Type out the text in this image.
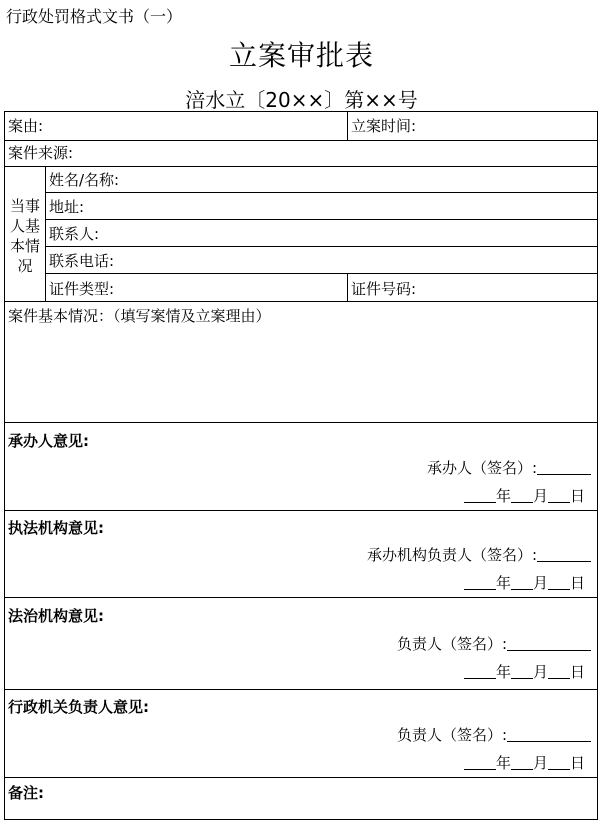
行政处罚格式文书（一）
立案审批表
涪水立〔20××〕第××号
案由:	立案时间:
案件来源:
当事
人基
本情
况
姓名/名称:
地址:
联系人:
联系电话:
证件类型:	证件号码:
案件基本情况：（填写案情及立案理由）
承办人意见:
承办人（签名）:
年 月 日
执法机构意见:
承办机构负责人（签名）:
年 月 日
法治机构意见:
负责人（签名）:
年 月 日
行政机关负责人意见:
负责人（签名）:
年 月 日
备注:
